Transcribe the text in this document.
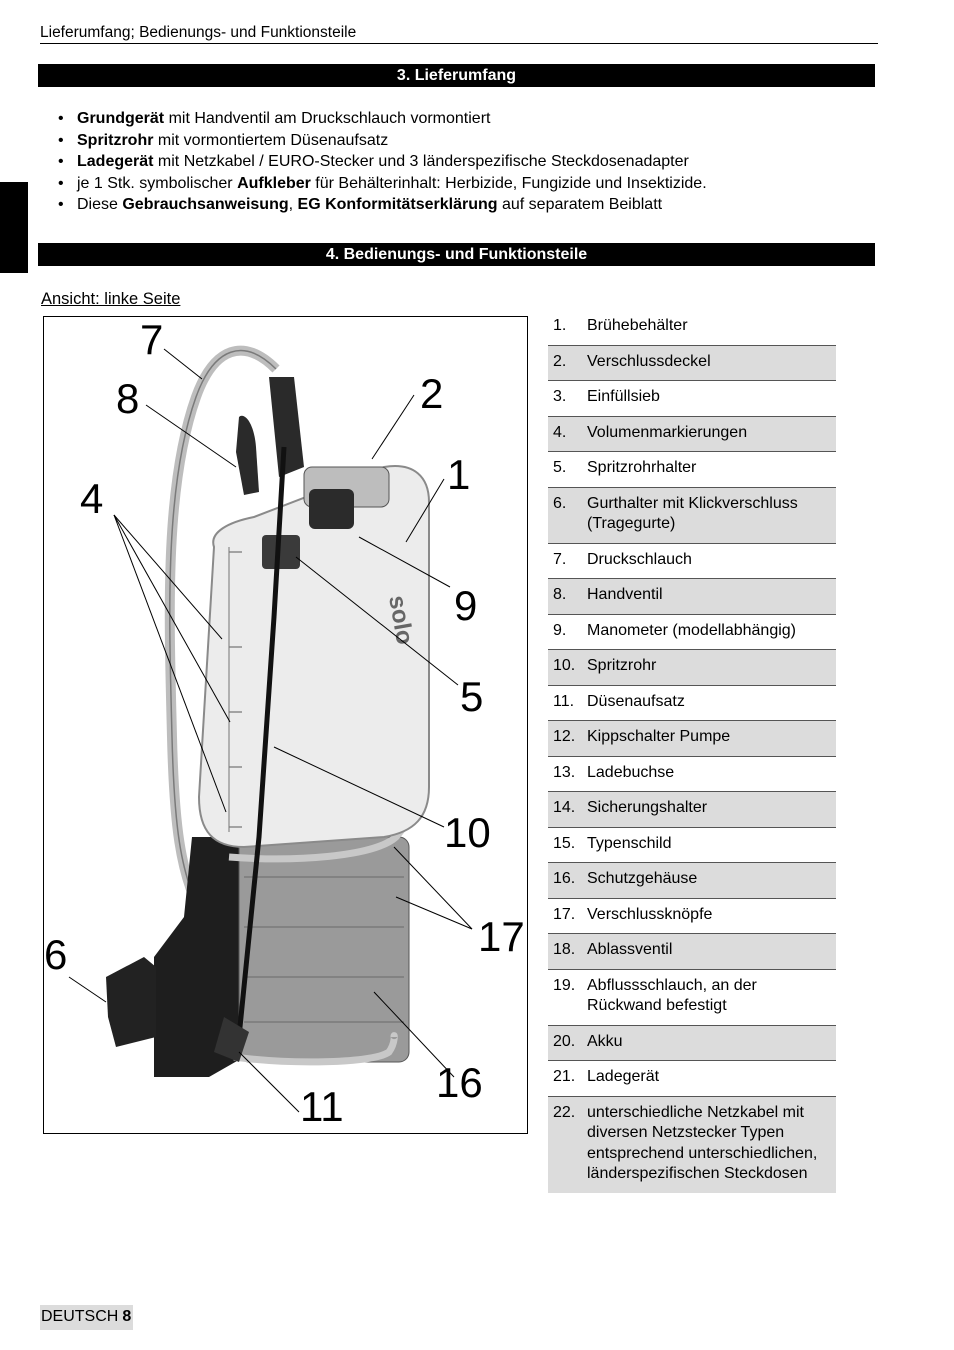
Lieferumfang; Bedienungs- und Funktionsteile
3. Lieferumfang
• Grundgerät mit Handventil am Druckschlauch vormontiert
• Spritzrohr mit vormontiertem Düsenaufsatz
• Ladegerät mit Netzkabel / EURO-Stecker und 3 länderspezifische Steckdosenadapter
• je 1 Stk. symbolischer Aufkleber für Behälterinhalt: Herbizide, Fungizide und Insektizide.
• Diese Gebrauchsanweisung, EG Konformitätserklärung auf separatem Beiblatt
4. Bedienungs- und Funktionsteile
Ansicht: linke Seite
solo
7
8	2
1
4
9
5
10
17
6
16
11
1.	Brühebehälter
2.	Verschlussdeckel
3.	Einfüllsieb
4.	Volumenmarkierungen
5.	Spritzrohrhalter
6.	Gurthalter mit Klickverschluss (Tragegurte)
7.	Druckschlauch
8.	Handventil
9.	Manometer (modellabhängig)
10. Spritzrohr
11. Düsenaufsatz
12. Kippschalter Pumpe
13. Ladebuchse
14. Sicherungshalter
15. Typenschild
16. Schutzgehäuse
17. Verschlussknöpfe
18. Ablassventil
19. Abflussschlauch, an der Rückwand befestigt
20. Akku
21. Ladegerät
22. unterschiedliche Netzkabel mit diversen Netzstecker Typen entsprechend unterschiedlichen, länderspezifischen Steckdosen
DEUTSCH 8
